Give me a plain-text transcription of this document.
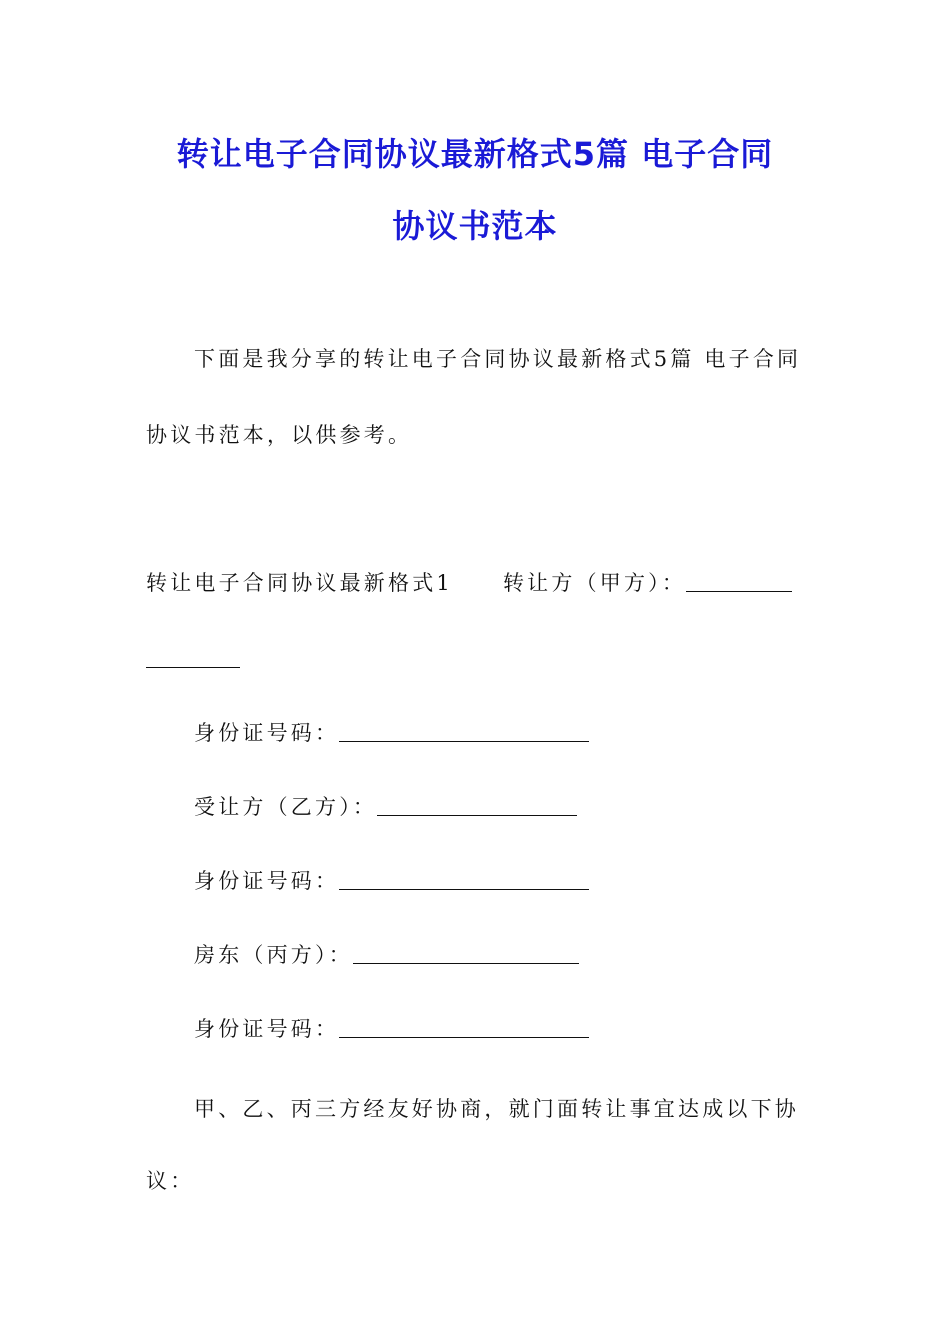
转让电子合同协议最新格式5篇 电子合同
协议书范本
下面是我分享的转让电子合同协议最新格式5篇 电子合同
协议书范本，以供参考。
转让电子合同协议最新格式1 转让方（甲方）：
身份证号码：
受让方（乙方）：
身份证号码：
房东（丙方）：
身份证号码：
甲、乙、丙三方经友好协商，就门面转让事宜达成以下协
议：
